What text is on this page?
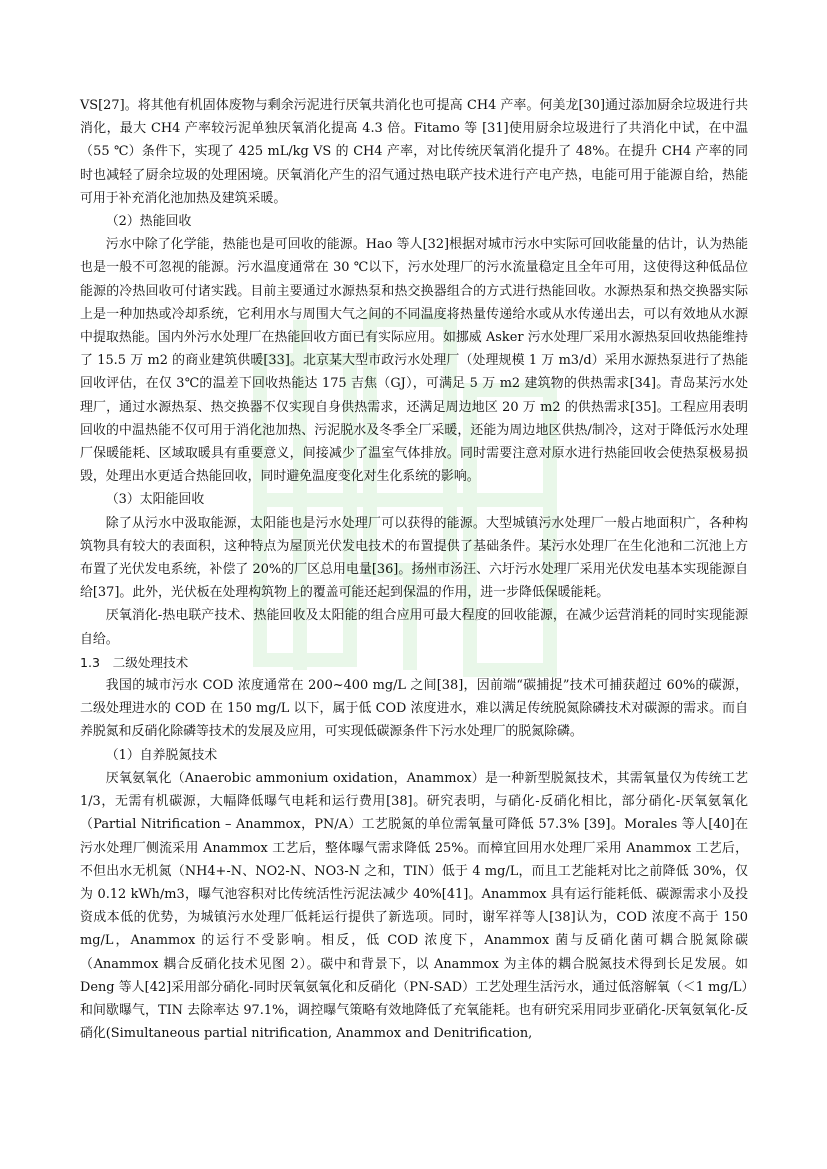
VS[27]。将其他有机固体废物与剩余污泥进行厌氧共消化也可提高 CH4 产率。何美龙[30]通过添加厨余垃圾进行共消化，最大 CH4 产率较污泥单独厌氧消化提高 4.3 倍。Fitamo 等 [31]使用厨余垃圾进行了共消化中试，在中温（55 ℃）条件下，实现了 425 mL/kg VS 的 CH4 产率，对比传统厌氧消化提升了 48%。在提升 CH4 产率的同时也减轻了厨余垃圾的处理困境。厌氧消化产生的沼气通过热电联产技术进行产电产热，电能可用于能源自给，热能可用于补充消化池加热及建筑采暖。

（2）热能回收

污水中除了化学能，热能也是可回收的能源。Hao 等人[32]根据对城市污水中实际可回收能量的估计，认为热能也是一般不可忽视的能源。污水温度通常在 30 ℃以下，污水处理厂的污水流量稳定且全年可用，这使得这种低品位能源的冷热回收可付诸实践。目前主要通过水源热泵和热交换器组合的方式进行热能回收。水源热泵和热交换器实际上是一种加热或冷却系统，它利用水与周围大气之间的不同温度将热量传递给水或从水传递出去，可以有效地从水源中提取热能。国内外污水处理厂在热能回收方面已有实际应用。如挪威 Asker 污水处理厂采用水源热泵回收热能维持了 15.5 万 m2 的商业建筑供暖[33]。北京某大型市政污水处理厂（处理规模 1 万 m3/d）采用水源热泵进行了热能回收评估，在仅 3℃的温差下回收热能达 175 吉焦（GJ），可满足 5 万 m2 建筑物的供热需求[34]。青岛某污水处理厂，通过水源热泵、热交换器不仅实现自身供热需求，还满足周边地区 20 万 m2 的供热需求[35]。工程应用表明回收的中温热能不仅可用于消化池加热、污泥脱水及冬季全厂采暖，还能为周边地区供热/制冷，这对于降低污水处理厂保暖能耗、区域取暖具有重要意义，间接减少了温室气体排放。同时需要注意对原水进行热能回收会使热泵极易损毁，处理出水更适合热能回收，同时避免温度变化对生化系统的影响。

（3）太阳能回收

除了从污水中汲取能源，太阳能也是污水处理厂可以获得的能源。大型城镇污水处理厂一般占地面积广，各种构筑物具有较大的表面积，这种特点为屋顶光伏发电技术的布置提供了基础条件。某污水处理厂在生化池和二沉池上方布置了光伏发电系统，补偿了 20%的厂区总用电量[36]。扬州市汤汪、六圩污水处理厂采用光伏发电基本实现能源自给[37]。此外，光伏板在处理构筑物上的覆盖可能还起到保温的作用，进一步降低保暖能耗。

厌氧消化-热电联产技术、热能回收及太阳能的组合应用可最大程度的回收能源，在减少运营消耗的同时实现能源自给。

1.3 二级处理技术

我国的城市污水 COD 浓度通常在 200~400 mg/L 之间[38]，因前端“碳捕捉”技术可捕获超过 60%的碳源，二级处理进水的 COD 在 150 mg/L 以下，属于低 COD 浓度进水，难以满足传统脱氮除磷技术对碳源的需求。而自养脱氮和反硝化除磷等技术的发展及应用，可实现低碳源条件下污水处理厂的脱氮除磷。

（1）自养脱氮技术

厌氧氨氧化（Anaerobic ammonium oxidation，Anammox）是一种新型脱氮技术，其需氧量仅为传统工艺 1/3，无需有机碳源，大幅降低曝气电耗和运行费用[38]。研究表明，与硝化-反硝化相比，部分硝化-厌氧氨氧化（Partial Nitrification – Anammox，PN/A）工艺脱氮的单位需氧量可降低 57.3% [39]。Morales 等人[40]在污水处理厂侧流采用 Anammox 工艺后，整体曝气需求降低 25%。而樟宜回用水处理厂采用 Anammox 工艺后，不但出水无机氮（NH4+-N、NO2-N、NO3-N 之和，TIN）低于 4 mg/L，而且工艺能耗对比之前降低 30%，仅为 0.12 kWh/m3，曝气池容积对比传统活性污泥法减少 40%[41]。Anammox 具有运行能耗低、碳源需求小及投资成本低的优势，为城镇污水处理厂低耗运行提供了新选项。同时，谢军祥等人[38]认为，COD 浓度不高于 150 mg/L，Anammox 的运行不受影响。相反，低 COD 浓度下，Anammox 菌与反硝化菌可耦合脱氮除碳（Anammox 耦合反硝化技术见图 2）。碳中和背景下，以 Anammox 为主体的耦合脱氮技术得到长足发展。如 Deng 等人[42]采用部分硝化-同时厌氧氨氧化和反硝化（PN-SAD）工艺处理生活污水，通过低溶解氧（＜1 mg/L）和间歇曝气，TIN 去除率达 97.1%，调控曝气策略有效地降低了充氧能耗。也有研究采用同步亚硝化-厌氧氨氧化-反硝化(Simultaneous partial nitrification, Anammox and Denitrification,
